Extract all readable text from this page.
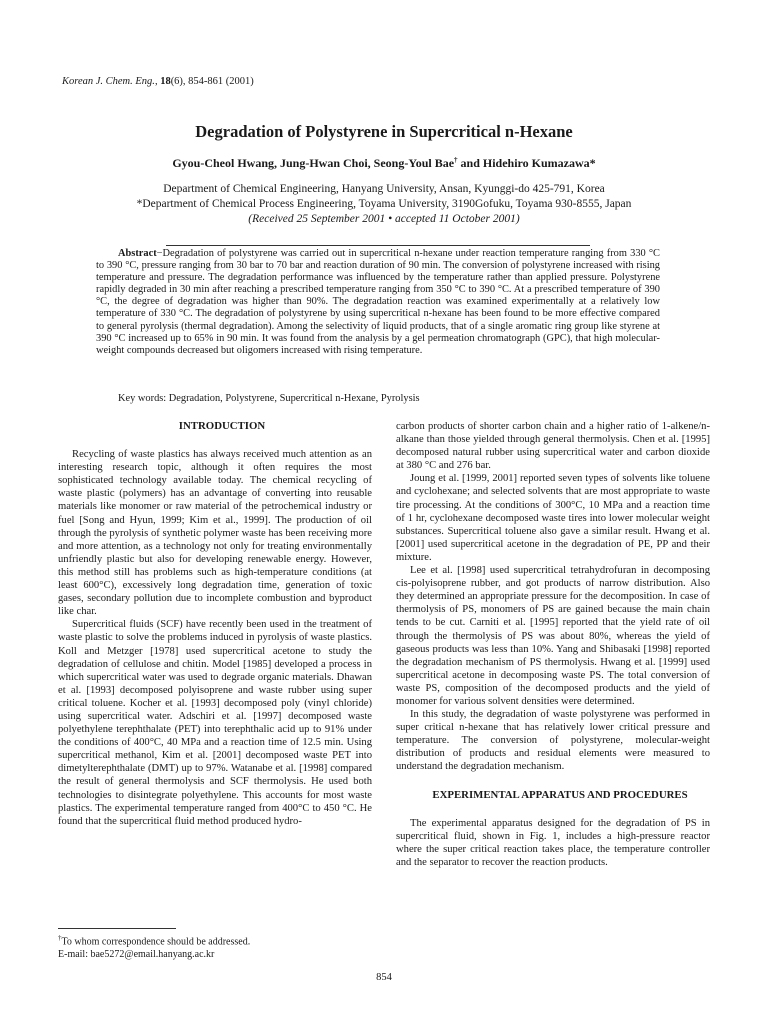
Korean J. Chem. Eng., 18(6), 854-861 (2001)
Degradation of Polystyrene in Supercritical n-Hexane
Gyou-Cheol Hwang, Jung-Hwan Choi, Seong-Youl Bae† and Hidehiro Kumazawa*
Department of Chemical Engineering, Hanyang University, Ansan, Kyunggi-do 425-791, Korea
*Department of Chemical Process Engineering, Toyama University, 3190Gofuku, Toyama 930-8555, Japan
(Received 25 September 2001 • accepted 11 October 2001)
Abstract−Degradation of polystyrene was carried out in supercritical n-hexane under reaction temperature ranging from 330 °C to 390 °C, pressure ranging from 30 bar to 70 bar and reaction duration of 90 min. The conversion of polystyrene increased with rising temperature and pressure. The degradation performance was influenced by the temperature rather than applied pressure. Polystyrene rapidly degraded in 30 min after reaching a prescribed temperature ranging from 350 °C to 390 °C. At a prescribed temperature of 390 °C, the degree of degradation was higher than 90%. The degradation reaction was examined experimentally at a relatively low temperature of 330 °C. The degradation of polystyrene by using supercritical n-hexane has been found to be more effective compared to general pyrolysis (thermal degradation). Among the selectivity of liquid products, that of a single aromatic ring group like styrene at 390 °C increased up to 65% in 90 min. It was found from the analysis by a gel permeation chromatograph (GPC), that high molecular-weight compounds decreased but oligomers increased with rising temperature.
Key words: Degradation, Polystyrene, Supercritical n-Hexane, Pyrolysis

INTRODUCTION

Recycling of waste plastics has always received much attention as an interesting research topic, although it often requires the most sophisticated technology available today. The chemical recycling of waste plastic (polymers) has an advantage of converting into reusable materials like monomer or raw material of the petrochemical industry or fuel [Song and Hyun, 1999; Kim et al., 1999]. The production of oil through the pyrolysis of synthetic polymer waste has been receiving more and more attention, as a technology not only for treating environmentally unfriendly plastic but also for developing renewable energy. However, this method still has problems such as high-temperature conditions (at least 600°C), excessively long degradation time, generation of toxic gases, secondary pollution due to incomplete combustion and byproduct like char.

Supercritical fluids (SCF) have recently been used in the treatment of waste plastic to solve the problems induced in pyrolysis of waste plastics. Koll and Metzger [1978] used supercritical acetone to study the degradation of cellulose and chitin. Model [1985] developed a process in which supercritical water was used to degrade organic materials. Dhawan et al. [1993] decomposed polyisoprene and waste rubber using super critical toluene. Kocher et al. [1993] decomposed poly (vinyl chloride) using supercritical water. Adschiri et al. [1997] decomposed waste polyethylene terephthalate (PET) into terephthalic acid up to 91% under the conditions of 400°C, 40 MPa and a reaction time of 12.5 min. Using supercritical methanol, Kim et al. [2001] decomposed waste PET into dimetylterephthalate (DMT) up to 97%. Watanabe et al. [1998] compared the result of general thermolysis and SCF thermolysis. He used both technologies to disintegrate polyethylene. This accounts for most waste plastics. The experimental temperature ranged from 400°C to 450 °C. He found that the supercritical fluid method produced hydro-

carbon products of shorter carbon chain and a higher ratio of 1-alkene/n-alkane than those yielded through general thermolysis. Chen et al. [1995] decomposed natural rubber using supercritical water and carbon dioxide at 380 °C and 276 bar.

Joung et al. [1999, 2001] reported seven types of solvents like toluene and cyclohexane; and selected solvents that are most appropriate to waste tire processing. At the conditions of 300°C, 10 MPa and a reaction time of 1 hr, cyclohexane decomposed waste tires into lower molecular weight substances. Supercritical toluene also gave a similar result. Hwang et al. [2001] used supercritical acetone in the degradation of PE, PP and their mixture.

Lee et al. [1998] used supercritical tetrahydrofuran in decomposing cis-polyisoprene rubber, and got products of narrow distribution. Also they determined an appropriate pressure for the decomposition. In case of thermolysis of PS, monomers of PS are gained because the main chain tends to be cut. Carniti et al. [1995] reported that the yield rate of oil through the thermolysis of PS was about 80%, whereas the yield of gaseous products was less than 10%. Yang and Shibasaki [1998] reported the degradation mechanism of PS thermolysis. Hwang et al. [1999] used supercritical acetone in decomposing waste PS. The total conversion of waste PS, composition of the decomposed products and the yield of monomer for various solvent densities were determined.

In this study, the degradation of waste polystyrene was performed in super critical n-hexane that has relatively lower critical pressure and temperature. The conversion of polystyrene, molecular-weight distribution of products and residual elements were measured to understand the degradation mechanism.

EXPERIMENTAL APPARATUS AND PROCEDURES

The experimental apparatus designed for the degradation of PS in supercritical fluid, shown in Fig. 1, includes a high-pressure reactor where the super critical reaction takes place, the temperature controller and the separator to recover the reaction products.

†To whom correspondence should be addressed.
E-mail: bae5272@email.hanyang.ac.kr
854
